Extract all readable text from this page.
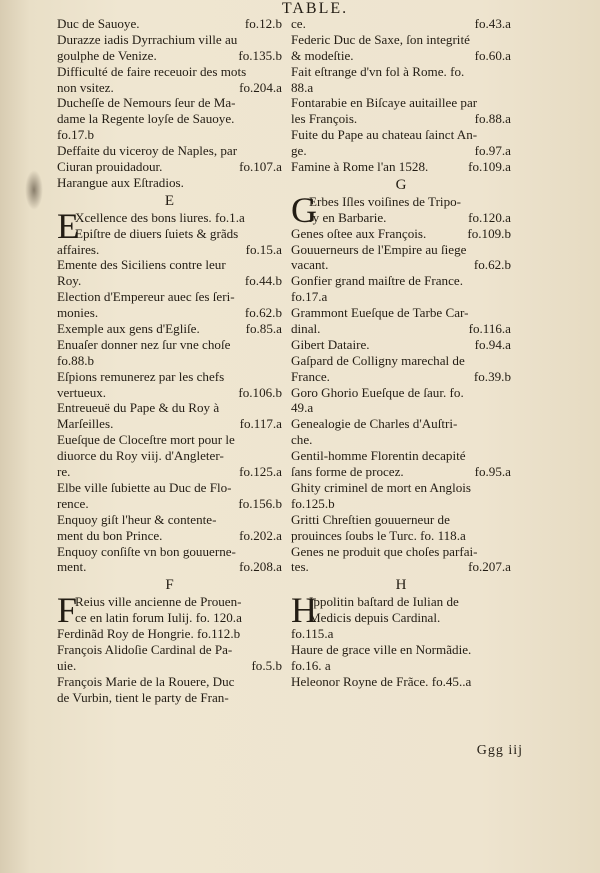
TABLE.
Duc de Sauoye.	fo.12.b
Durazze iadis Dyrrachium ville au
goulphe de Venize.	fo.135.b
Difficulté de faire receuoir des mots
non vsitez.	fo.204.a
Ducheſſe de Nemours ſeur de Ma-
dame la Regente loyſe de Sauoye.
fo.17.b
Deffaite du viceroy de Naples, par
Ciuran prouidadour.	fo.107.a
Harangue aux Eſtradios.
E
E
Xcellence des bons liures. fo.1.a
Epiſtre de diuers ſuiets & grãds
affaires.	fo.15.a
Emente des Siciliens contre leur
Roy.	fo.44.b
Election d'Empereur auec ſes ſeri-
monies.	fo.62.b
Exemple aux gens d'Egliſe.	fo.85.a
Enuaſer donner nez ſur vne choſe
fo.88.b
Eſpions remunerez par les chefs
vertueux.	fo.106.b
Entreueuë du Pape & du Roy à
Marſeilles.	fo.117.a
Eueſque de Cloceſtre mort pour le
diuorce du Roy viij. d'Angleter-
re.	fo.125.a
Elbe ville ſubiette au Duc de Flo-
rence.	fo.156.b
Enquoy giſt l'heur & contente-
ment du bon Prince.	fo.202.a
Enquoy conſiſte vn bon gouuerne-
ment.	fo.208.a
F
F
Reius ville ancienne de Prouen-
ce en latin forum Iulij. fo. 120.a
Ferdinãd Roy de Hongrie. fo.112.b
François Alidoſie Cardinal de Pa-
uie.	fo.5.b
François Marie de la Rouere, Duc
de Vurbin, tient le party de Fran-
ce.	fo.43.a
Federic Duc de Saxe, ſon integrité
& modeſtie.	fo.60.a
Fait eſtrange d'vn fol à Rome. fo.
88.a
Fontarabie en Biſcaye auitaillee par
les François.	fo.88.a
Fuite du Pape au chateau ſainct An-
ge.	fo.97.a
Famine à Rome l'an 1528.	fo.109.a
G
G
Erbes Iſles voiſines de Tripo-
ly en Barbarie.	fo.120.a
Genes oſtee aux François.	fo.109.b
Gouuerneurs de l'Empire au ſiege
vacant.	fo.62.b
Gonfier grand maiſtre de France.
fo.17.a
Grammont Eueſque de Tarbe Car-
dinal.	fo.116.a
Gibert Dataire.	fo.94.a
Gaſpard de Colligny marechal de
France.	fo.39.b
Goro Ghorio Eueſque de ſaur. fo.
49.a
Genealogie de Charles d'Auſtri-
che.
Gentil-homme Florentin decapité
ſans forme de procez.	fo.95.a
Ghity criminel de mort en Anglois
fo.125.b
Gritti Chreſtien gouuerneur de
prouinces ſoubs le Turc. fo. 118.a
Genes ne produit que choſes parfai-
tes.	fo.207.a
H
H
Ippolitin baſtard de Iulian de
Medicis depuis Cardinal.
fo.115.a
Haure de grace ville en Normãdie.
fo.16. a
Heleonor Royne de Frãce. fo.45..a
Ggg iij
